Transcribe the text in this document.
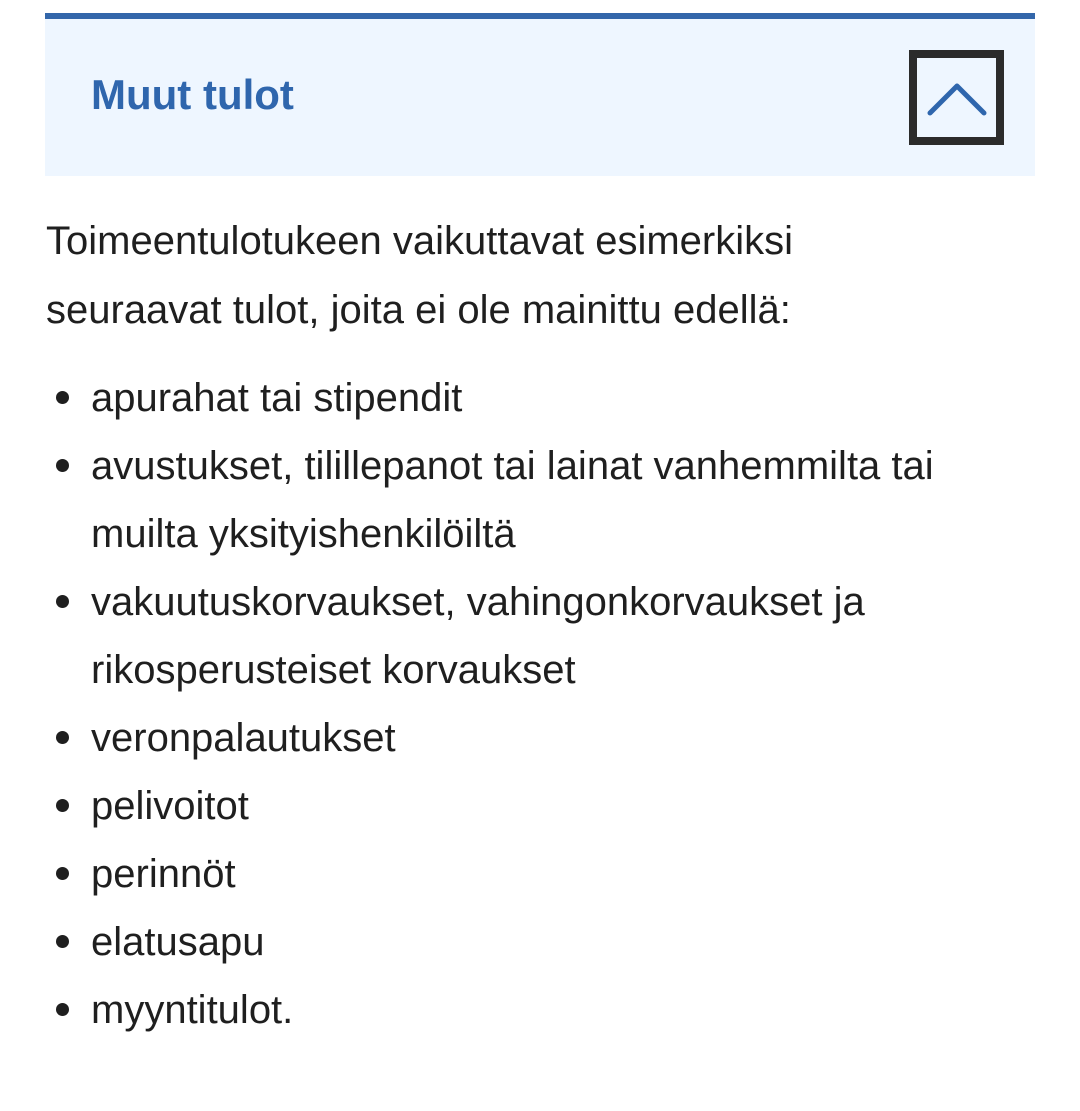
Muut tulot

Toimeentulotukeen vaikuttavat esimerkiksi seuraavat tulot, joita ei ole mainittu edellä:

apurahat tai stipendit
avustukset, tilillepanot tai lainat vanhemmilta tai muilta yksityishenkilöiltä
vakuutuskorvaukset, vahingonkorvaukset ja rikosperusteiset korvaukset
veronpalautukset
pelivoitot
perinnöt
elatusapu
myyntitulot.
